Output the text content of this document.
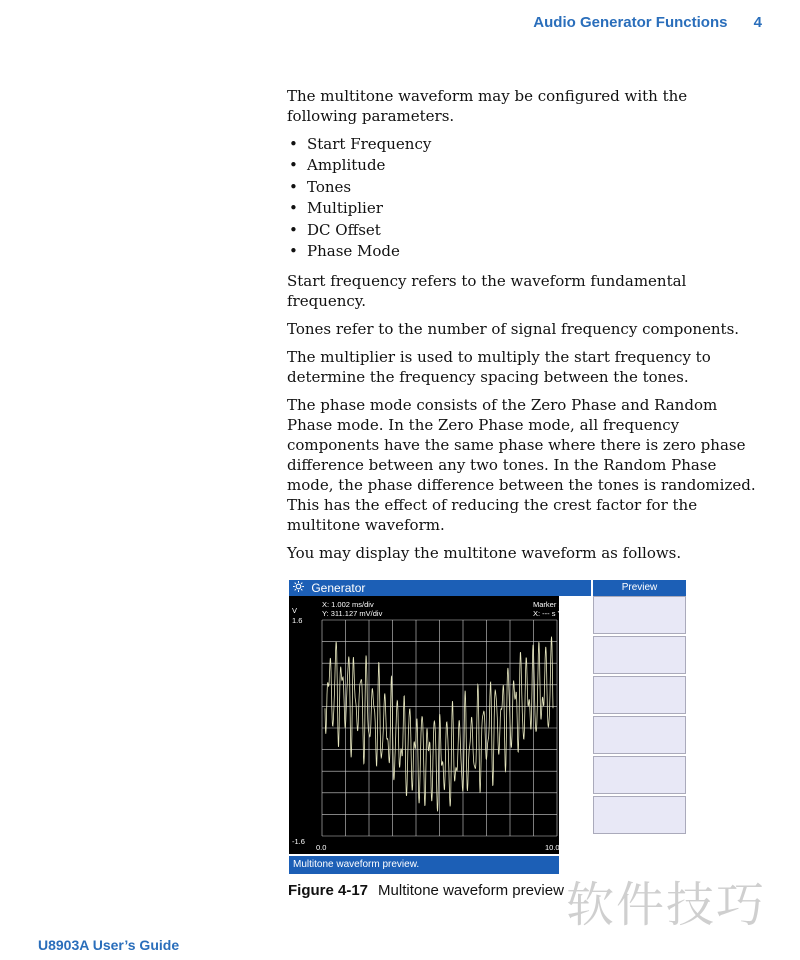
Audio Generator Functions 4

The multitone waveform may be configured with the following parameters.

• Start Frequency
• Amplitude
• Tones
• Multiplier
• DC Offset
• Phase Mode

Start frequency refers to the waveform fundamental frequency.

Tones refer to the number of signal frequency components.

The multiplier is used to multiply the start frequency to determine the frequency spacing between the tones.

The phase mode consists of the Zero Phase and Random Phase mode. In the Zero Phase mode, all frequency components have the same phase where there is zero phase difference between any two tones. In the Random Phase mode, the phase difference between the tones is randomized. This has the effect of reducing the crest factor for the multitone waveform.

You may display the multitone waveform as follows.

Generator	Preview
V
1.6
-1.6
X: 1.002 ms/div
Y: 311.127 mV/div
Marker 1
X: --- s Y: --- V
0.0	10.0
Multitone waveform preview.
Figure 4-17 Multitone waveform preview
U8903A User’s Guide
软件技巧
